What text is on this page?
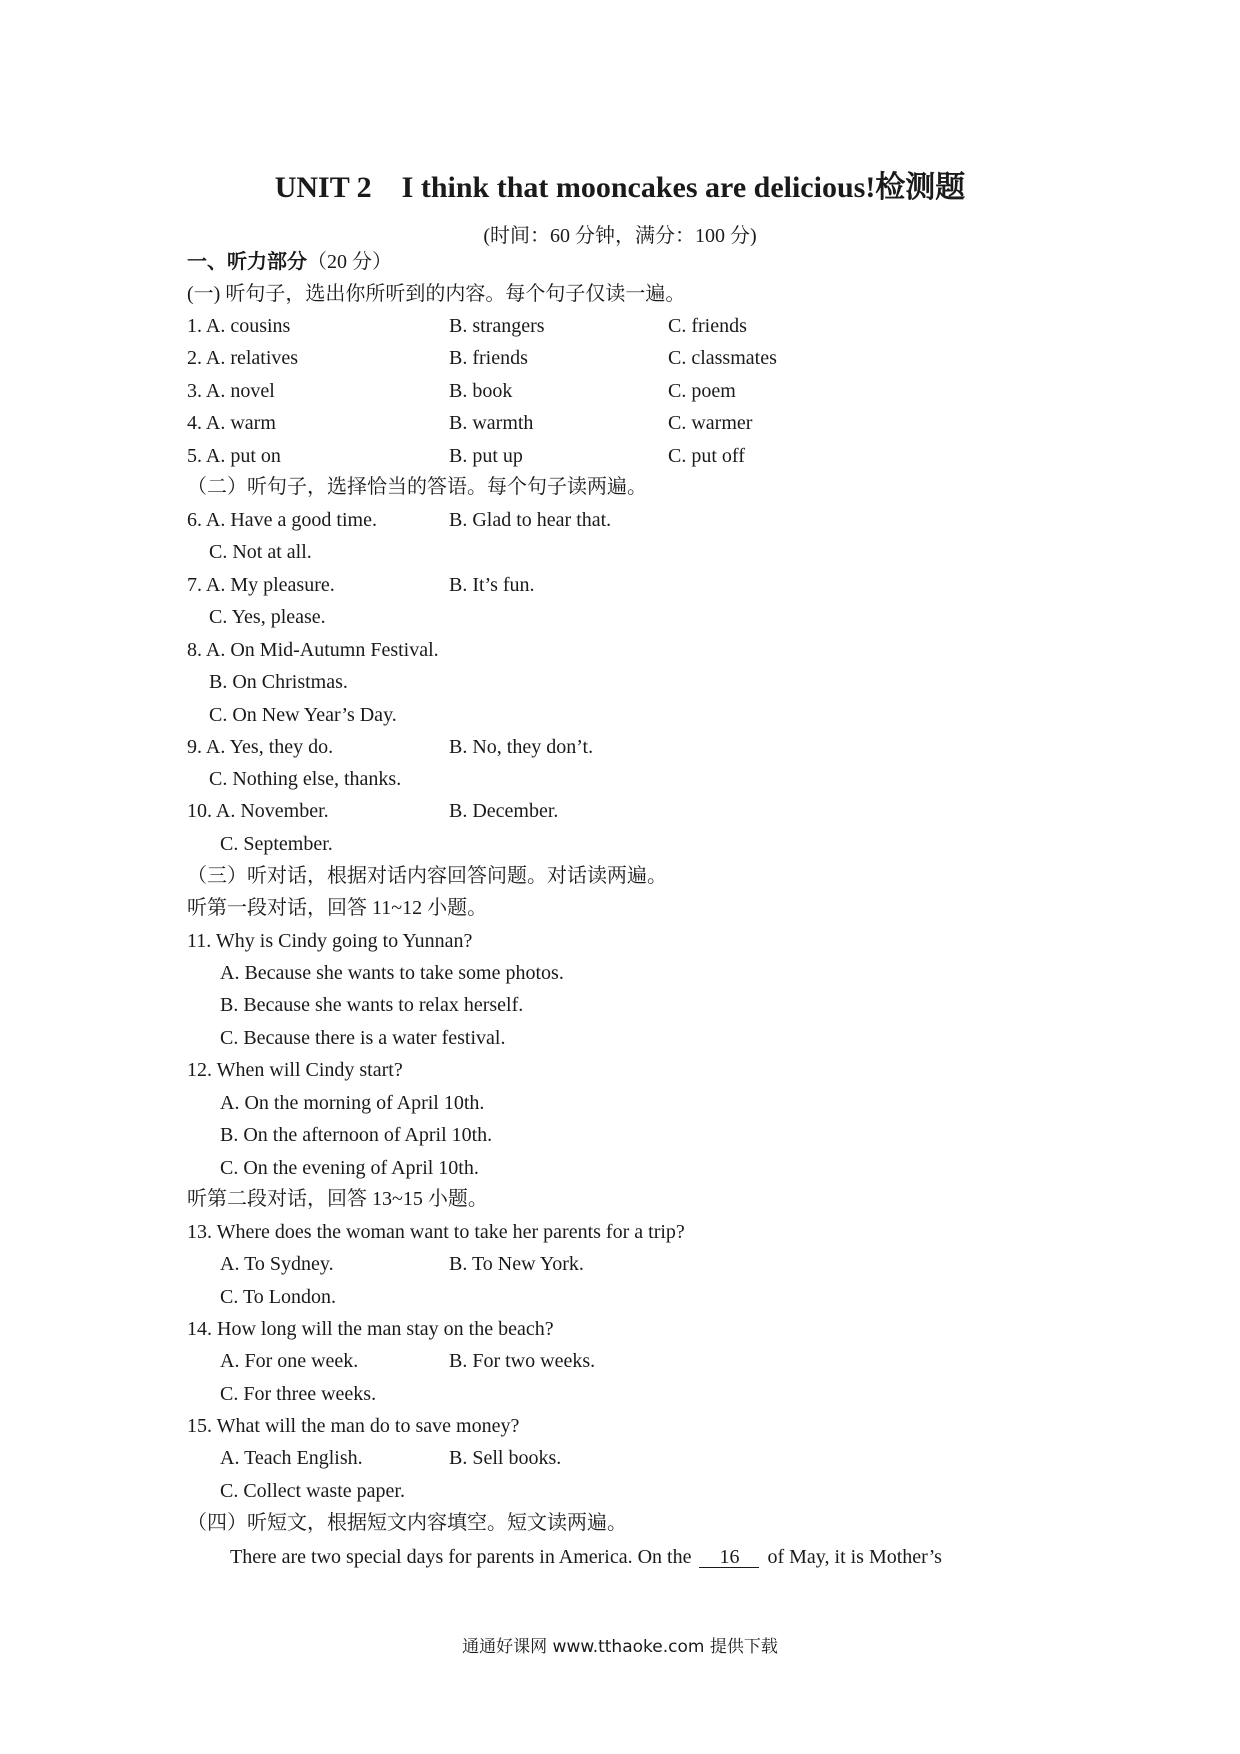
UNIT 2    I think that mooncakes are delicious!检测题
(时间：60 分钟，满分：100 分)
一、听力部分（20 分）
(一) 听句子，选出你所听到的内容。每个句子仅读一遍。
1. A. cousins	B. strangers	C. friends
2. A. relatives	B. friends	C. classmates
3. A. novel	B. book	C. poem
4. A. warm	B. warmth	C. warmer
5. A. put on	B. put up	C. put off
（二）听句子，选择恰当的答语。每个句子读两遍。
6. A. Have a good time.	B. Glad to hear that.
C. Not at all.
7. A. My pleasure.	B. It’s fun.
C. Yes, please.
8. A. On Mid-Autumn Festival.
B. On Christmas.
C. On New Year’s Day.
9. A. Yes, they do.	B. No, they don’t.
C. Nothing else, thanks.
10. A. November.	B. December.
C. September.
（三）听对话，根据对话内容回答问题。对话读两遍。
听第一段对话，回答 11~12 小题。
11. Why is Cindy going to Yunnan?
A. Because she wants to take some photos.
B. Because she wants to relax herself.
C. Because there is a water festival.
12. When will Cindy start?
A. On the morning of April 10th.
B. On the afternoon of April 10th.
C. On the evening of April 10th.
听第二段对话，回答 13~15 小题。
13. Where does the woman want to take her parents for a trip?
A. To Sydney.	B. To New York.
C. To London.
14. How long will the man stay on the beach?
A. For one week.	B. For two weeks.
C. For three weeks.
15. What will the man do to save money?
A. Teach English.	B. Sell books.
C. Collect waste paper.
（四）听短文，根据短文内容填空。短文读两遍。
There are two special days for parents in America. On the 16 of May, it is Mother’s
通通好课网 www.tthaoke.com 提供下载
